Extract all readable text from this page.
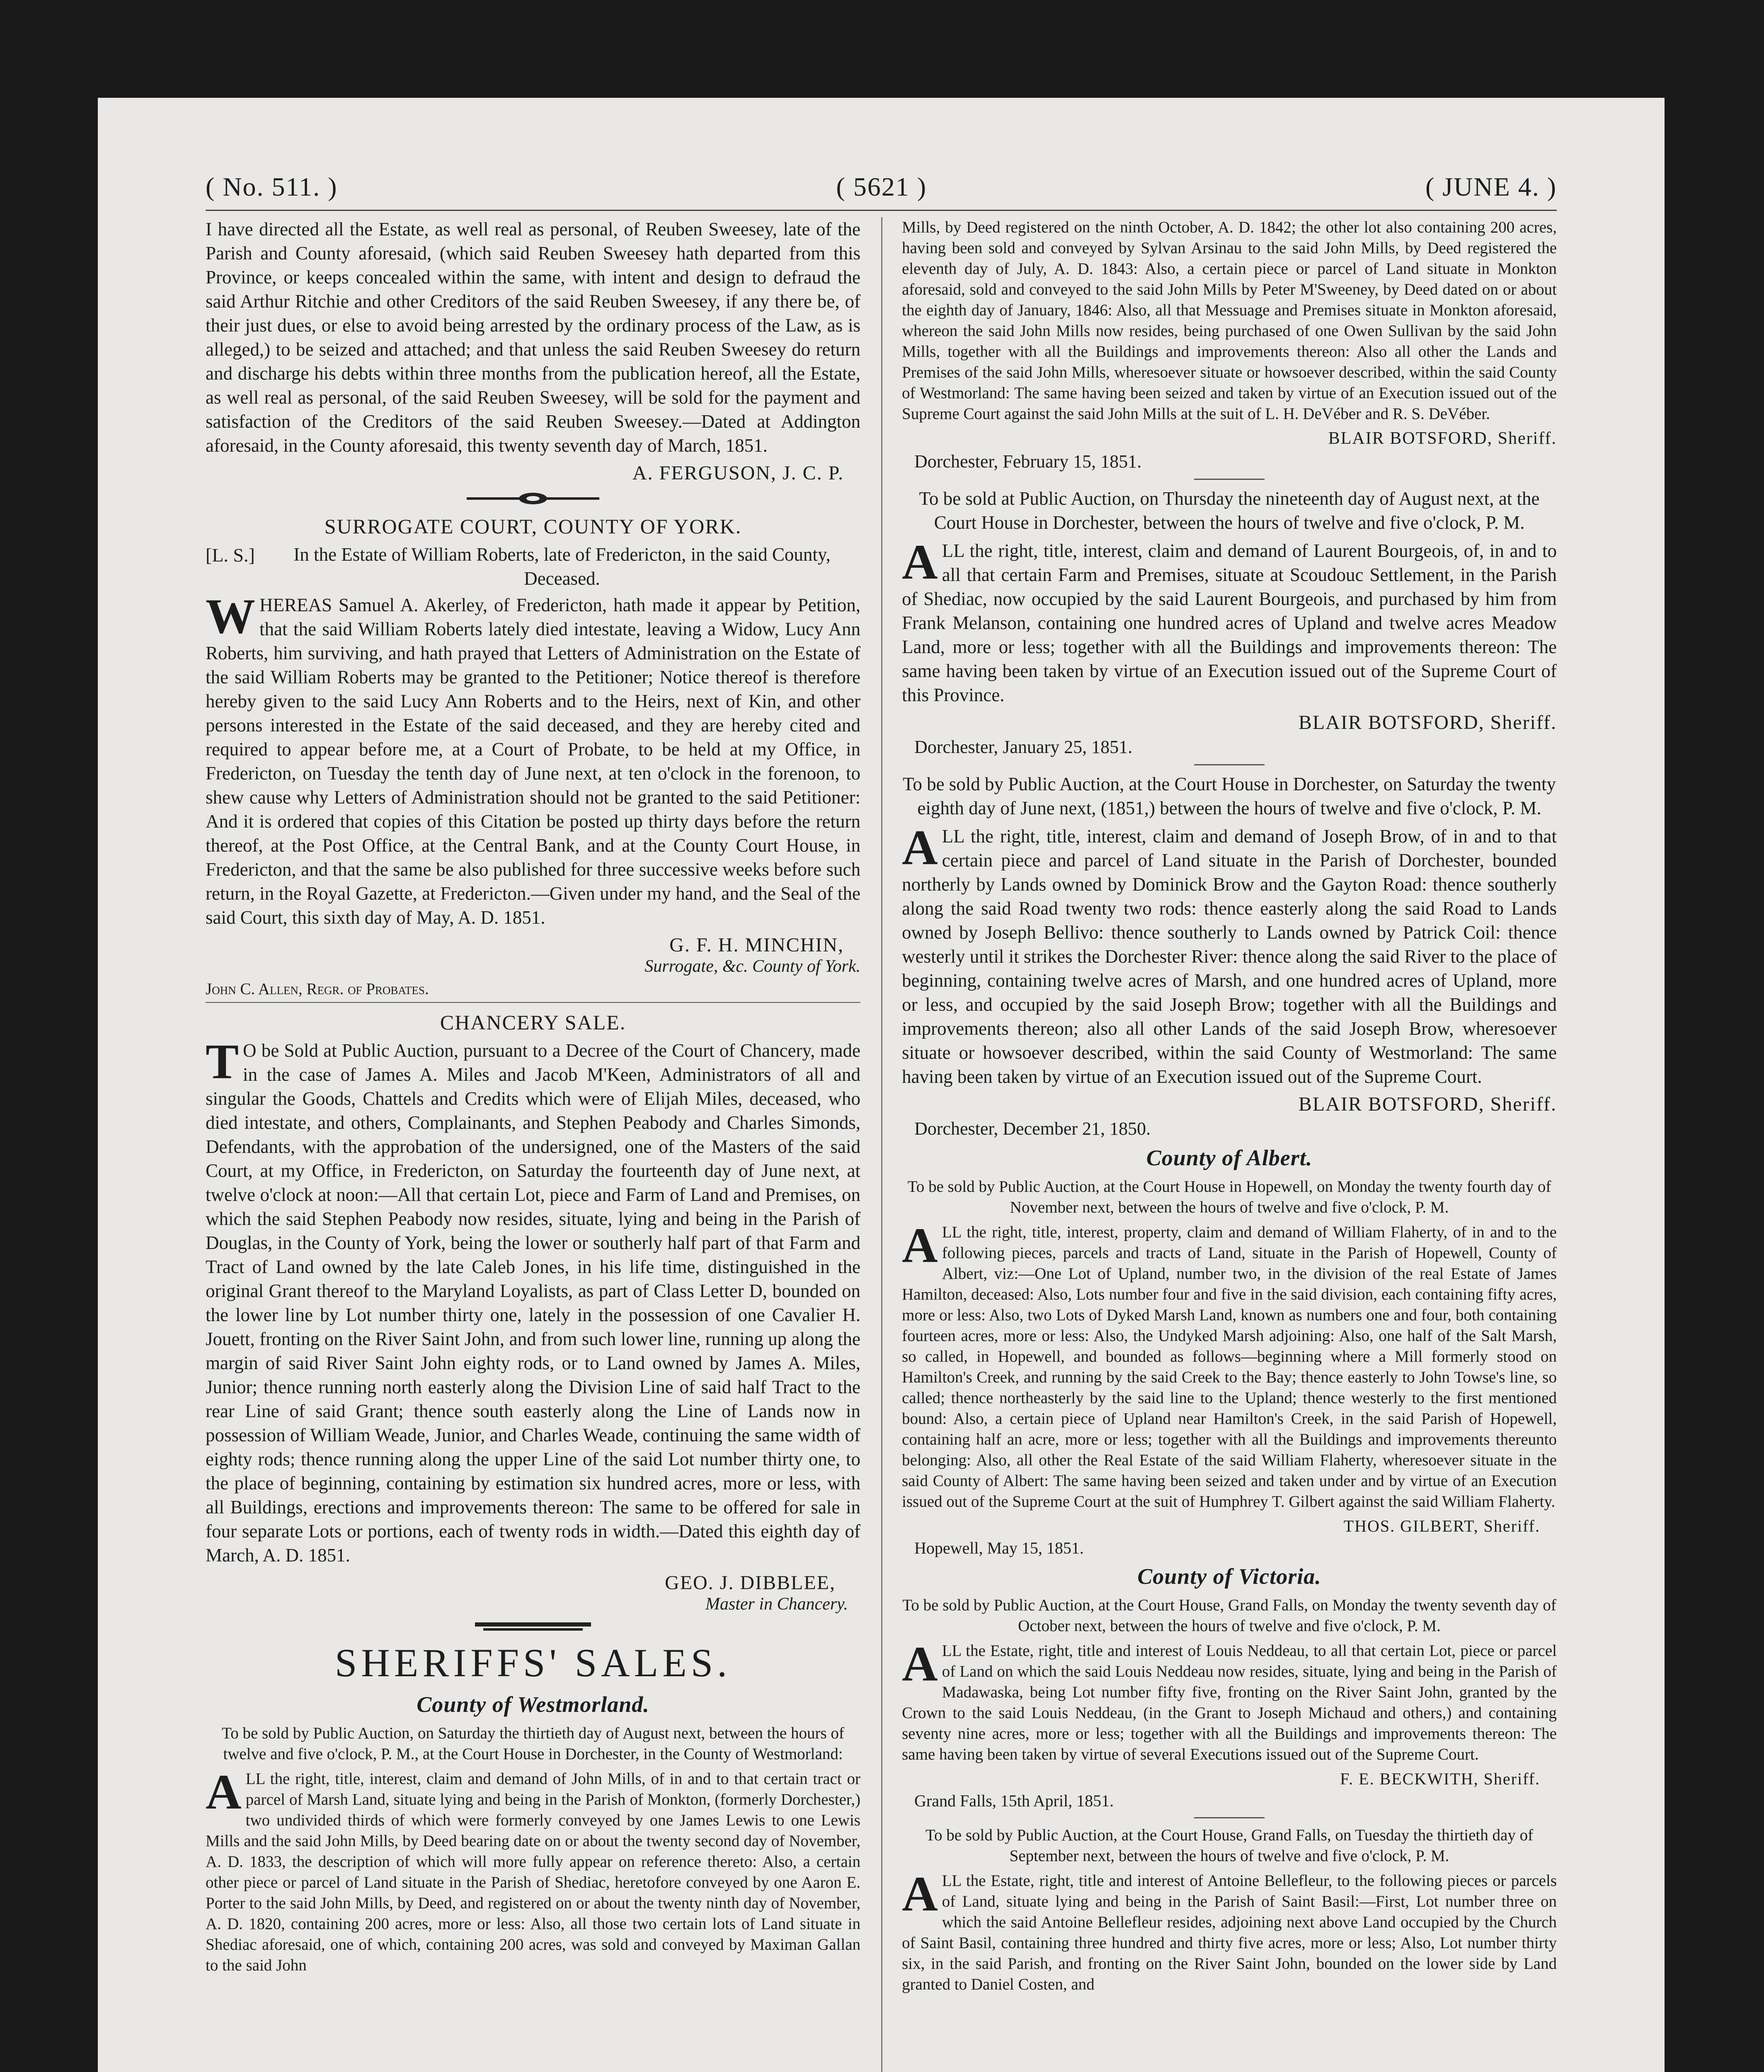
( No. 511. )	( 5621 )	( JUNE 4. )

I have directed all the Estate, as well real as personal, of Reuben Sweesey, late of the Parish and County aforesaid, (which said Reuben Sweesey hath departed from this Province, or keeps concealed within the same, with intent and design to defraud the said Arthur Ritchie and other Creditors of the said Reuben Sweesey, if any there be, of their just dues, or else to avoid being arrested by the ordinary process of the Law, as is alleged,) to be seized and attached; and that unless the said Reuben Sweesey do return and discharge his debts within three months from the publication hereof, all the Estate, as well real as personal, of the said Reuben Sweesey, will be sold for the payment and satisfaction of the Creditors of the said Reuben Sweesey.—Dated at Addington aforesaid, in the County aforesaid, this twenty seventh day of March, 1851.

A. FERGUSON, J. C. P.
SURROGATE COURT, COUNTY OF YORK.
[L. S.]	In the Estate of William Roberts, late of Fredericton, in the said County, Deceased.

WHEREAS Samuel A. Akerley, of Fredericton, hath made it appear by Petition, that the said William Roberts lately died intestate, leaving a Widow, Lucy Ann Roberts, him surviving, and hath prayed that Letters of Administration on the Estate of the said William Roberts may be granted to the Petitioner; Notice thereof is therefore hereby given to the said Lucy Ann Roberts and to the Heirs, next of Kin, and other persons interested in the Estate of the said deceased, and they are hereby cited and required to appear before me, at a Court of Probate, to be held at my Office, in Fredericton, on Tuesday the tenth day of June next, at ten o'clock in the forenoon, to shew cause why Letters of Administration should not be granted to the said Petitioner: And it is ordered that copies of this Citation be posted up thirty days before the return thereof, at the Post Office, at the Central Bank, and at the County Court House, in Fredericton, and that the same be also published for three successive weeks before such return, in the Royal Gazette, at Fredericton.—Given under my hand, and the Seal of the said Court, this sixth day of May, A. D. 1851.

G. F. H. MINCHIN,
Surrogate, &c. County of York.
John C. Allen, Regr. of Probates.
CHANCERY SALE.

T O be Sold at Public Auction, pursuant to a Decree of the Court of Chancery, made in the case of James A. Miles and Jacob M'Keen, Administrators of all and singular the Goods, Chattels and Credits which were of Elijah Miles, deceased, who died intestate, and others, Complainants, and Stephen Peabody and Charles Simonds, Defendants, with the approbation of the undersigned, one of the Masters of the said Court, at my Office, in Fredericton, on Saturday the fourteenth day of June next, at twelve o'clock at noon:—All that certain Lot, piece and Farm of Land and Premises, on which the said Stephen Peabody now resides, situate, lying and being in the Parish of Douglas, in the County of York, being the lower or southerly half part of that Farm and Tract of Land owned by the late Caleb Jones, in his life time, distinguished in the original Grant thereof to the Maryland Loyalists, as part of Class Letter D, bounded on the lower line by Lot number thirty one, lately in the possession of one Cavalier H. Jouett, fronting on the River Saint John, and from such lower line, running up along the margin of said River Saint John eighty rods, or to Land owned by James A. Miles, Junior; thence running north easterly along the Division Line of said half Tract to the rear Line of said Grant; thence south easterly along the Line of Lands now in possession of William Weade, Junior, and Charles Weade, continuing the same width of eighty rods; thence running along the upper Line of the said Lot number thirty one, to the place of beginning, containing by estimation six hundred acres, more or less, with all Buildings, erections and improvements thereon: The same to be offered for sale in four separate Lots or portions, each of twenty rods in width.—Dated this eighth day of March, A. D. 1851.

GEO. J. DIBBLEE,
Master in Chancery.
SHERIFFS' SALES.
County of Westmorland.

To be sold by Public Auction, on Saturday the thirtieth day of August next, between the hours of twelve and five o'clock, P. M., at the Court House in Dorchester, in the County of Westmorland:

ALL the right, title, interest, claim and demand of John Mills, of in and to that certain tract or parcel of Marsh Land, situate lying and being in the Parish of Monkton, (formerly Dorchester,) two undivided thirds of which were formerly conveyed by one James Lewis to one Lewis Mills and the said John Mills, by Deed bearing date on or about the twenty second day of November, A. D. 1833, the description of which will more fully appear on reference thereto: Also, a certain other piece or parcel of Land situate in the Parish of Shediac, heretofore conveyed by one Aaron E. Porter to the said John Mills, by Deed, and registered on or about the twenty ninth day of November, A. D. 1820, containing 200 acres, more or less: Also, all those two certain lots of Land situate in Shediac aforesaid, one of which, containing 200 acres, was sold and conveyed by Maximan Gallan to the said John

Mills, by Deed registered on the ninth October, A. D. 1842; the other lot also containing 200 acres, having been sold and conveyed by Sylvan Arsinau to the said John Mills, by Deed registered the eleventh day of July, A. D. 1843: Also, a certain piece or parcel of Land situate in Monkton aforesaid, sold and conveyed to the said John Mills by Peter M'Sweeney, by Deed dated on or about the eighth day of January, 1846: Also, all that Messuage and Premises situate in Monkton aforesaid, whereon the said John Mills now resides, being purchased of one Owen Sullivan by the said John Mills, together with all the Buildings and improvements thereon: Also all other the Lands and Premises of the said John Mills, wheresoever situate or howsoever described, within the said County of Westmorland: The same having been seized and taken by virtue of an Execution issued out of the Supreme Court against the said John Mills at the suit of L. H. DeVéber and R. S. DeVéber.

BLAIR BOTSFORD, Sheriff.
Dorchester, February 15, 1851.

To be sold at Public Auction, on Thursday the nineteenth day of August next, at the Court House in Dorchester, between the hours of twelve and five o'clock, P. M.

ALL the right, title, interest, claim and demand of Laurent Bourgeois, of, in and to all that certain Farm and Premises, situate at Scoudouc Settlement, in the Parish of Shediac, now occupied by the said Laurent Bourgeois, and purchased by him from Frank Melanson, containing one hundred acres of Upland and twelve acres Meadow Land, more or less; together with all the Buildings and improvements thereon: The same having been taken by virtue of an Execution issued out of the Supreme Court of this Province.

BLAIR BOTSFORD, Sheriff.
Dorchester, January 25, 1851.

To be sold by Public Auction, at the Court House in Dorchester, on Saturday the twenty eighth day of June next, (1851,) between the hours of twelve and five o'clock, P. M.

ALL the right, title, interest, claim and demand of Joseph Brow, of in and to that certain piece and parcel of Land situate in the Parish of Dorchester, bounded northerly by Lands owned by Dominick Brow and the Gayton Road: thence southerly along the said Road twenty two rods: thence easterly along the said Road to Lands owned by Joseph Bellivo: thence southerly to Lands owned by Patrick Coil: thence westerly until it strikes the Dorchester River: thence along the said River to the place of beginning, containing twelve acres of Marsh, and one hundred acres of Upland, more or less, and occupied by the said Joseph Brow; together with all the Buildings and improvements thereon; also all other Lands of the said Joseph Brow, wheresoever situate or howsoever described, within the said County of Westmorland: The same having been taken by virtue of an Execution issued out of the Supreme Court.

BLAIR BOTSFORD, Sheriff.
Dorchester, December 21, 1850.
County of Albert.

To be sold by Public Auction, at the Court House in Hopewell, on Monday the twenty fourth day of November next, between the hours of twelve and five o'clock, P. M.

ALL the right, title, interest, property, claim and demand of William Flaherty, of in and to the following pieces, parcels and tracts of Land, situate in the Parish of Hopewell, County of Albert, viz:—One Lot of Upland, number two, in the division of the real Estate of James Hamilton, deceased: Also, Lots number four and five in the said division, each containing fifty acres, more or less: Also, two Lots of Dyked Marsh Land, known as numbers one and four, both containing fourteen acres, more or less: Also, the Undyked Marsh adjoining: Also, one half of the Salt Marsh, so called, in Hopewell, and bounded as follows—beginning where a Mill formerly stood on Hamilton's Creek, and running by the said Creek to the Bay; thence easterly to John Towse's line, so called; thence northeasterly by the said line to the Upland; thence westerly to the first mentioned bound: Also, a certain piece of Upland near Hamilton's Creek, in the said Parish of Hopewell, containing half an acre, more or less; together with all the Buildings and improvements thereunto belonging: Also, all other the Real Estate of the said William Flaherty, wheresoever situate in the said County of Albert: The same having been seized and taken under and by virtue of an Execution issued out of the Supreme Court at the suit of Humphrey T. Gilbert against the said William Flaherty.

THOS. GILBERT, Sheriff.
Hopewell, May 15, 1851.
County of Victoria.

To be sold by Public Auction, at the Court House, Grand Falls, on Monday the twenty seventh day of October next, between the hours of twelve and five o'clock, P. M.

ALL the Estate, right, title and interest of Louis Neddeau, to all that certain Lot, piece or parcel of Land on which the said Louis Neddeau now resides, situate, lying and being in the Parish of Madawaska, being Lot number fifty five, fronting on the River Saint John, granted by the Crown to the said Louis Neddeau, (in the Grant to Joseph Michaud and others,) and containing seventy nine acres, more or less; together with all the Buildings and improvements thereon: The same having been taken by virtue of several Executions issued out of the Supreme Court.

F. E. BECKWITH, Sheriff.
Grand Falls, 15th April, 1851.

To be sold by Public Auction, at the Court House, Grand Falls, on Tuesday the thirtieth day of September next, between the hours of twelve and five o'clock, P. M.

ALL the Estate, right, title and interest of Antoine Bellefleur, to the following pieces or parcels of Land, situate lying and being in the Parish of Saint Basil:—First, Lot number three on which the said Antoine Bellefleur resides, adjoining next above Land occupied by the Church of Saint Basil, containing three hundred and thirty five acres, more or less; Also, Lot number thirty six, in the said Parish, and fronting on the River Saint John, bounded on the lower side by Land granted to Daniel Costen, and
